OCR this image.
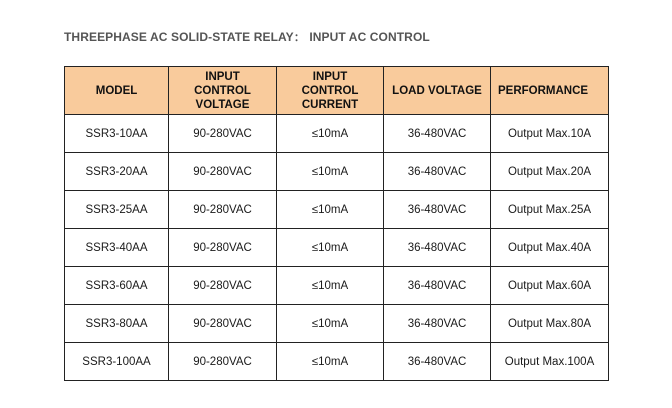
THREEPHASE AC SOLID-STATE RELAY： INPUT AC CONTROL
MODEL	INPUT
CONTROL
VOLTAGE	INPUT
CONTROL
CURRENT	LOAD VOLTAGE	PERFORMANCE

SSR3-10AA	90-280VAC	≤10mA	36-480VAC	Output Max.10A
SSR3-20AA	90-280VAC	≤10mA	36-480VAC	Output Max.20A
SSR3-25AA	90-280VAC	≤10mA	36-480VAC	Output Max.25A
SSR3-40AA	90-280VAC	≤10mA	36-480VAC	Output Max.40A
SSR3-60AA	90-280VAC	≤10mA	36-480VAC	Output Max.60A
SSR3-80AA	90-280VAC	≤10mA	36-480VAC	Output Max.80A
SSR3-100AA	90-280VAC	≤10mA	36-480VAC	Output Max.100A
